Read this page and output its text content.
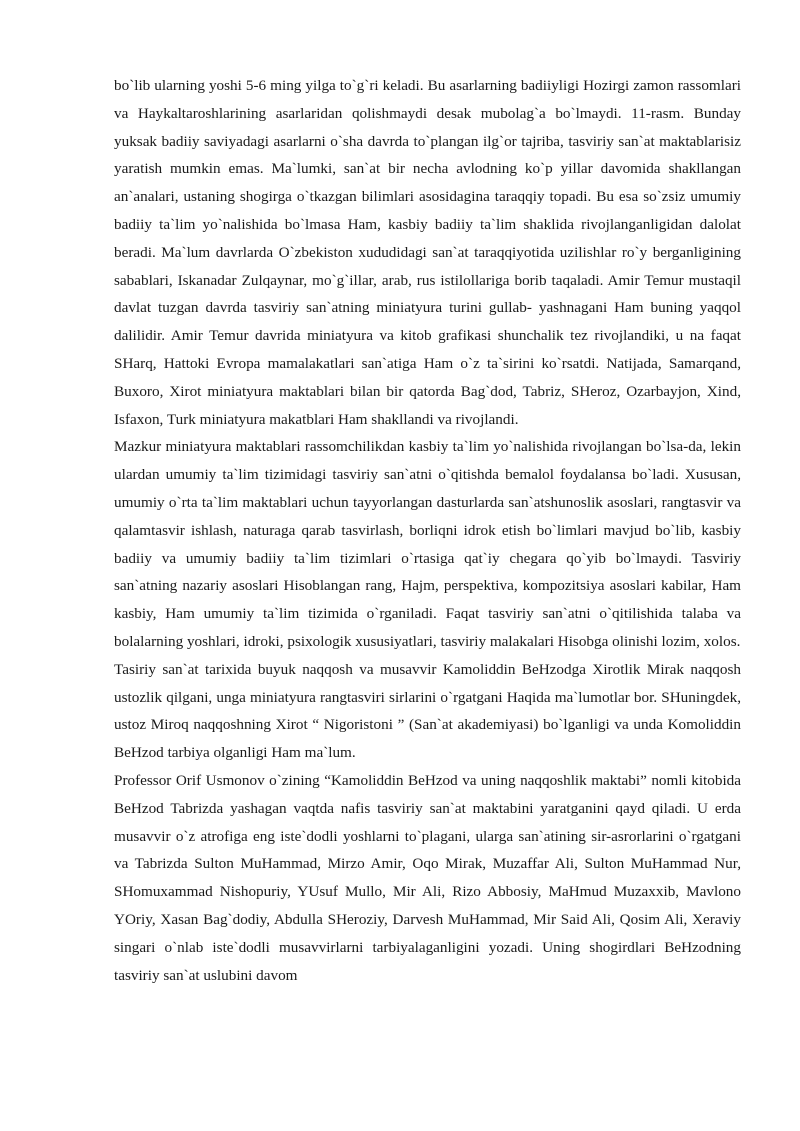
bo`lib ularning yoshi 5-6 ming yilga to`g`ri keladi. Bu asarlarning badiiyligi Hozirgi zamon rassomlari va Haykaltaroshlarining asarlaridan qolishmaydi desak mubolag`a bo`lmaydi. 11-rasm. Bunday yuksak badiiy saviyadagi asarlarni o`sha davrda to`plangan ilg`or tajriba, tasviriy san`at maktablarisiz yaratish mumkin emas. Ma`lumki, san`at bir necha avlodning ko`p yillar davomida shakllangan an`analari, ustaning shogirga o`tkazgan bilimlari asosidagina taraqqiy topadi. Bu esa so`zsiz umumiy badiiy ta`lim yo`nalishida bo`lmasa Ham, kasbiy badiiy ta`lim shaklida rivojlanganligidan dalolat beradi. Ma`lum davrlarda O`zbekiston xududidagi san`at taraqqiyotida uzilishlar ro`y berganligining sabablari, Iskanadar Zulqaynar, mo`g`illar, arab, rus istilollariga borib taqaladi. Amir Temur mustaqil davlat tuzgan davrda tasviriy san`atning miniatyura turini gullab- yashnagani Ham buning yaqqol dalilidir. Amir Temur davrida miniatyura va kitob grafikasi shunchalik tez rivojlandiki, u na faqat SHarq, Hattoki Evropa mamalakatlari san`atiga Ham o`z ta`sirini ko`rsatdi. Natijada, Samarqand, Buxoro, Xirot miniatyura maktablari bilan bir qatorda Bag`dod, Tabriz, SHeroz, Ozarbayjon, Xind, Isfaxon, Turk miniatyura makatblari Ham shakllandi va rivojlandi.

Mazkur miniatyura maktablari rassomchilikdan kasbiy ta`lim yo`nalishida rivojlangan bo`lsa-da, lekin ulardan umumiy ta`lim tizimidagi tasviriy san`atni o`qitishda bemalol foydalansa bo`ladi. Xususan, umumiy o`rta ta`lim maktablari uchun tayyorlangan dasturlarda san`atshunoslik asoslari, rangtasvir va qalamtasvir ishlash, naturaga qarab tasvirlash, borliqni idrok etish bo`limlari mavjud bo`lib, kasbiy badiiy va umumiy badiiy ta`lim tizimlari o`rtasiga qat`iy chegara qo`yib bo`lmaydi. Tasviriy san`atning nazariy asoslari Hisoblangan rang, Hajm, perspektiva, kompozitsiya asoslari kabilar, Ham kasbiy, Ham umumiy ta`lim tizimida o`rganiladi. Faqat tasviriy san`atni o`qitilishida talaba va bolalarning yoshlari, idroki, psixologik xususiyatlari, tasviriy malakalari Hisobga olinishi lozim, xolos.

Tasiriy san`at tarixida buyuk naqqosh va musavvir Kamoliddin BeHzodga Xirotlik Mirak naqqosh ustozlik qilgani, unga miniatyura rangtasviri sirlarini o`rgatgani Haqida ma`lumotlar bor. SHuningdek, ustoz Miroq naqqoshning Xirot “ Nigoristoni ” (San`at akademiyasi) bo`lganligi va unda Komoliddin BeHzod tarbiya olganligi Ham ma`lum.

Professor Orif Usmonov o`zining “Kamoliddin BeHzod va uning naqqoshlik maktabi” nomli kitobida BeHzod Tabrizda yashagan vaqtda nafis tasviriy san`at maktabini yaratganini qayd qiladi. U erda musavvir o`z atrofiga eng iste`dodli yoshlarni to`plagani, ularga san`atining sir-asrorlarini o`rgatgani va Tabrizda Sulton MuHammad, Mirzo Amir, Oqo Mirak, Muzaffar Ali, Sulton MuHammad Nur, SHomuxammad Nishopuriy, YUsuf Mullo, Mir Ali, Rizo Abbosiy, MaHmud Muzaxxib, Mavlono YOriy, Xasan Bag`dodiy, Abdulla SHeroziy, Darvesh MuHammad, Mir Said Ali, Qosim Ali, Xeraviy singari o`nlab iste`dodli musavvirlarni tarbiyalaganligini yozadi. Uning shogirdlari BeHzodning tasviriy san`at uslubini davom
